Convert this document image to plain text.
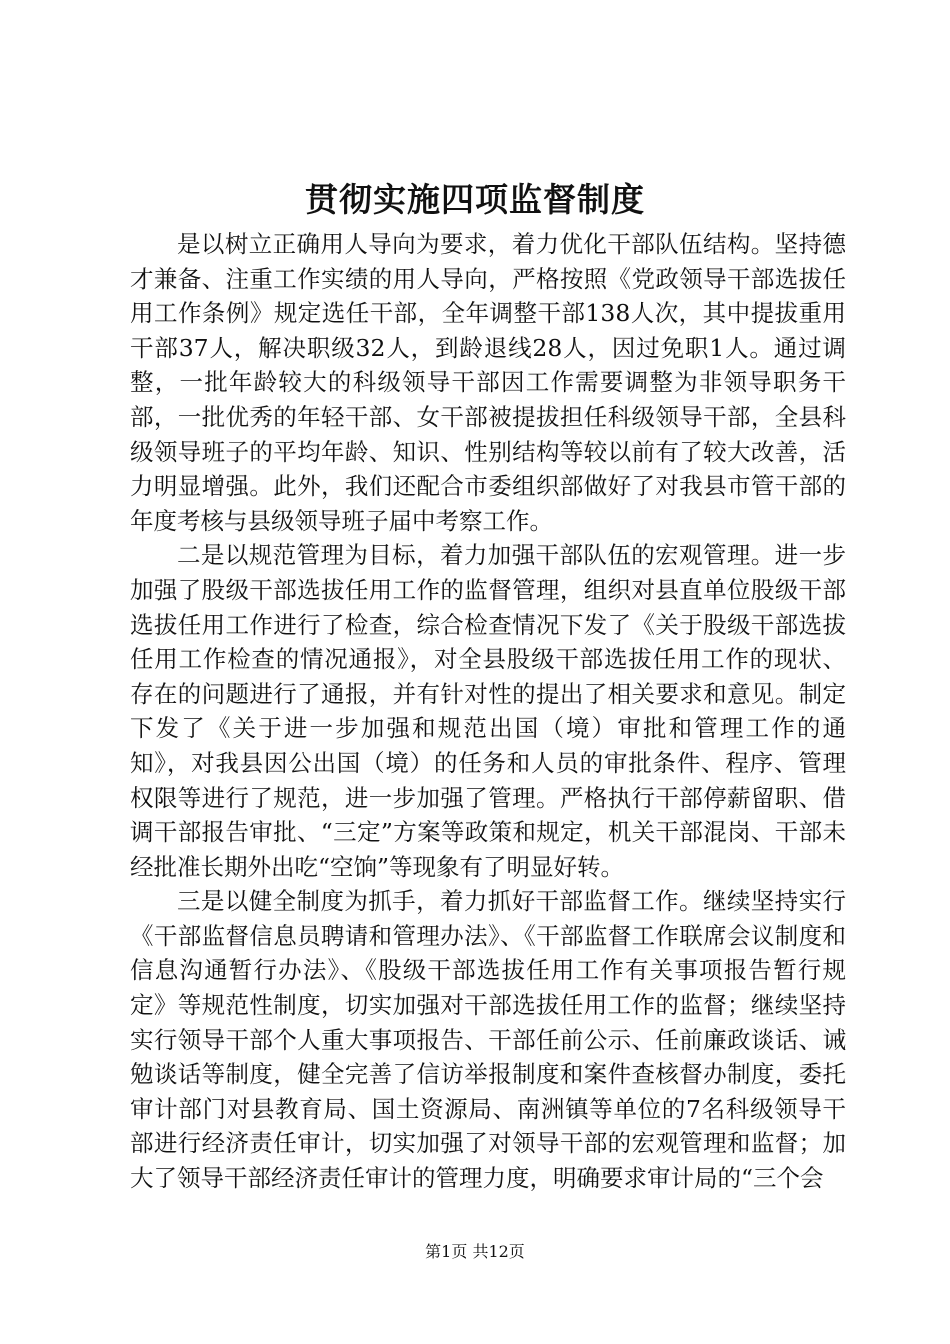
贯彻实施四项监督制度

是以树立正确用人导向为要求，着力优化干部队伍结构。坚持德才兼备、注重工作实绩的用人导向，严格按照《党政领导干部选拔任用工作条例》规定选任干部，全年调整干部138人次，其中提拔重用干部37人，解决职级32人，到龄退线28人，因过免职1人。通过调整，一批年龄较大的科级领导干部因工作需要调整为非领导职务干部，一批优秀的年轻干部、女干部被提拔担任科级领导干部，全县科级领导班子的平均年龄、知识、性别结构等较以前有了较大改善，活力明显增强。此外，我们还配合市委组织部做好了对我县市管干部的年度考核与县级领导班子届中考察工作。

二是以规范管理为目标，着力加强干部队伍的宏观管理。进一步加强了股级干部选拔任用工作的监督管理，组织对县直单位股级干部选拔任用工作进行了检查，综合检查情况下发了《关于股级干部选拔任用工作检查的情况通报》，对全县股级干部选拔任用工作的现状、存在的问题进行了通报，并有针对性的提出了相关要求和意见。制定下发了《关于进一步加强和规范出国（境）审批和管理工作的通知》，对我县因公出国（境）的任务和人员的审批条件、程序、管理权限等进行了规范，进一步加强了管理。严格执行干部停薪留职、借调干部报告审批、“三定”方案等政策和规定，机关干部混岗、干部未经批准长期外出吃“空饷”等现象有了明显好转。

三是以健全制度为抓手，着力抓好干部监督工作。继续坚持实行《干部监督信息员聘请和管理办法》、《干部监督工作联席会议制度和信息沟通暂行办法》、《股级干部选拔任用工作有关事项报告暂行规定》等规范性制度，切实加强对干部选拔任用工作的监督；继续坚持实行领导干部个人重大事项报告、干部任前公示、任前廉政谈话、诫勉谈话等制度，健全完善了信访举报制度和案件查核督办制度，委托审计部门对县教育局、国土资源局、南洲镇等单位的7名科级领导干部进行经济责任审计，切实加强了对领导干部的宏观管理和监督；加大了领导干部经济责任审计的管理力度，明确要求审计局的“三个会

第1页 共12页
